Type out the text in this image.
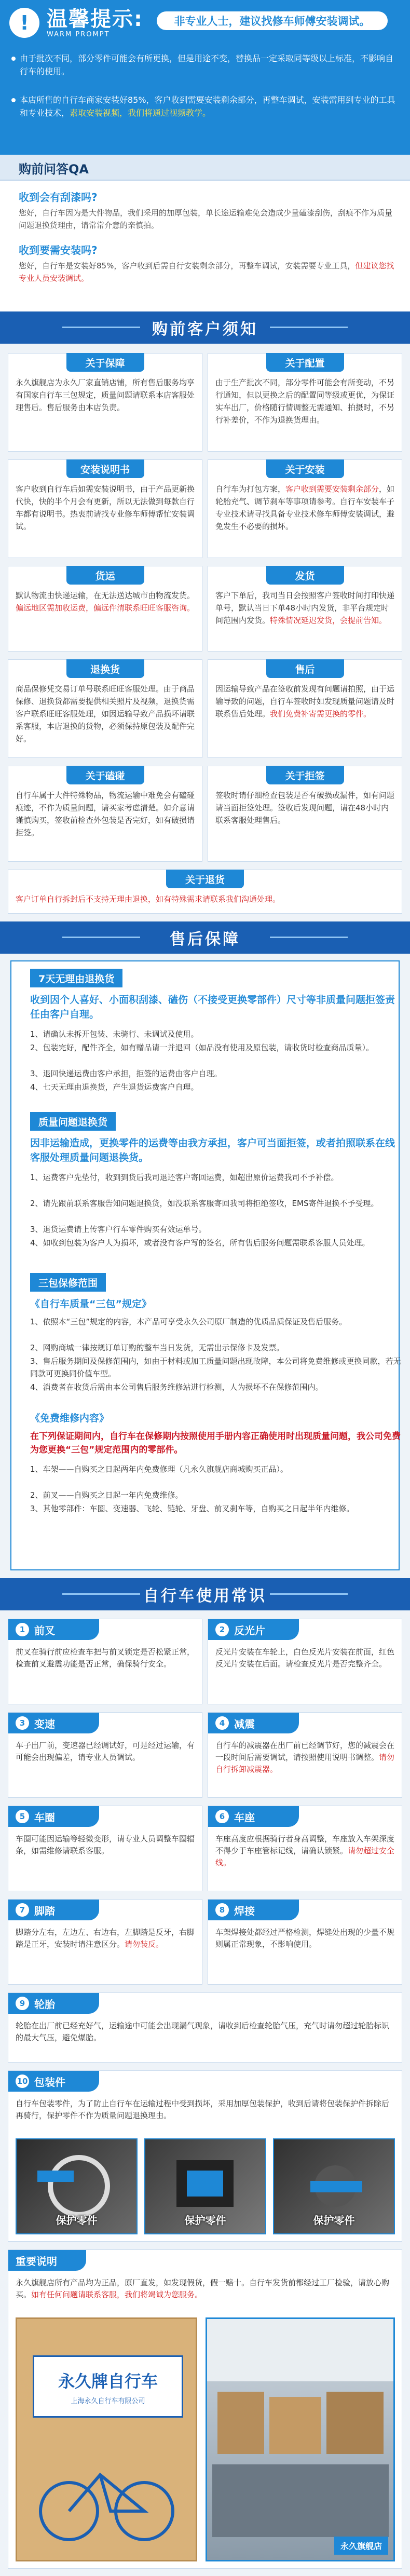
! 温馨提示:
WARM PROMPT
非专业人士，建议找修车师傅安装调试。
由于批次不同，部分零件可能会有所更换，但是用途不变，替换品一定采取同等级以上标准，不影响自行车的使用。
本店所售的自行车商家安装好85%，客户收到需要安装剩余部分，再整车调试，安装需用到专业的工具和专业技术，素取安装视频，我们将通过视频教学。
购前问答QA
收到会有刮漆吗?
您好，自行车因为是大件物品，我们采用的加厚包装，单长途运输难免会造成少量磕漆刮伤，刮痕不作为质量问题退换货理由，请常常介意的亲慎拍。
收到要需安装吗?
您好，自行车是安装好85%，客户收到后需自行安装剩余部分，再整车调试，安装需要专业工具，但建议您找专业人员安装调试。
购前客户须知
关于保障
永久旗舰店为永久厂家直销店铺，所有售后服务均享有国家自行车三包规定，质量问题请联系本店客服处理售后。售后服务由本店负责。
关于配置
由于生产批次不同，部分零件可能会有所变动，不另行通知，但以更换之后的配置同等级或更优，为保证实车出厂，价格随行情调整无需通知、拍摄时，不另行补差价，不作为退换货理由。
安装说明书
客户收到自行车后如需安装说明书，由于产品更新换代快，快的半个月会有更新，所以无法做到每款自行车都有说明书。热衷前请找专业修车师傅帮忙安装调试。
关于安装
自行车为打包方案，客户收到需要安装剩余部分，如轮胎充气、调节刹车等事项请参考。自行车安装车子专业技术请寻找具备专业技术修车师傅安装调试，避免发生不必要的损坏。
货运
默认物流由快递运输，在无法送达城市由物流发货。偏远地区需加收运费，偏远件清联系旺旺客服咨询。
发货
客户下单后，我司当日会按照客户签收时间打印快递单号，默认当日下单48小时内发货，非平台规定时间范围内发货。特殊情况延迟发货，会提前告知。
退换货
商品保修凭交易订单号联系旺旺客服处理。由于商品保修、退换货都需要提供相关照片及视频，退换货需客户联系旺旺客服处理，如因运输导致产品损坏请联系客服，本店退换的货物，必须保持原包装及配件完好。
售后
因运输导致产品在签收前发现有问题请拍照，由于运输导致的问题，自行车签收时如发现质量问题请及时联系售后处理。我们免费补寄需更换的零件。
关于磕碰
自行车属于大件特殊物品，物流运输中难免会有磕碰痕迹，不作为质量问题，请买家考虑清楚。如介意请谨慎购买，签收前检查外包装是否完好，如有破损请拒签。
关于拒签
签收时请仔细检查包装是否有破损或漏件，如有问题请当面拒签处理。签收后发现问题，请在48小时内联系客服处理售后。
关于退货
客户订单自行拆封后不支持无理由退换，如有特殊需求请联系我们沟通处理。
售后保障
7天无理由退换货
收到因个人喜好、小面积刮漆、磕伤（不接受更换零部件）尺寸等非质量问题拒签责任由客户自理。
1、请确认未拆开包装、未骑行、未调试及使用。
2、包装完好，配件齐全，如有赠品请一并退回（如品没有使用及原包装，请收货时检查商品质量）。
3、退回快递运费由客户承担，拒签的运费由客户自理。
4、七天无理由退换货，产生退货运费客户自理。
质量问题退换货
因非运输造成，更换零件的运费等由我方承担，客户可当面拒签，或者拍照联系在线客服处理质量问题退换货。
1、运费客户先垫付，收到到货后我司退还客户寄回运费，如超出原价运费我司不予补偿。
2、请先跟前联系客服告知问题退换货，如没联系客服寄回我司将拒绝签收，EMS寄件退换不予受理。
3、退货运费请上传客户行车零件购买有效运单号。
4、如收到包装为客户人为损坏，或者没有客户写的签名，所有售后服务问题需联系客服人员处理。
三包保修范围
《自行车质量“三包”规定》
1、依照本“三包”规定的内容，本产品可享受永久公司原厂制造的优质品质保证及售后服务。
2、网购商城一律按规订单订购的整车当日发货，无需出示保修卡及发票。
3、售后服务期间及保修范围内，如由于材料或加工质量问题出现故障，本公司将免费维修或更换同款，若无同款可更换同价值车型。
4、消费者在收货后需由本公司售后服务维修站进行检测，人为损坏不在保修范围内。
《免费维修内容》
在下列保证期间内，自行车在保修期内按照使用手册内容正确使用时出现质量问题，我公司免费为您更换“三包”规定范围内的零部件。
1、车架——自购买之日起两年内免费修理（凡永久旗舰店商城购买正品）。
2、前叉——自购买之日起一年内免费维修。
3、其他零部件：车圈、变速器、飞轮、链轮、牙盘、前叉刹车等，自购买之日起半年内维修。
自行车使用常识
1 前叉
前叉在骑行前应检查车把与前叉锁定是否松紧正常，检查前叉避震功能是否正常，确保骑行安全。
2 反光片
反光片安装在车轮上，白色反光片安装在前面，红色反光片安装在后面。请检查反光片是否完整齐全。
3 变速
车子出厂前，变速器已经调试好，可是经过运输，有可能会出现偏差，请专业人员调试。
4 减震
自行车的减震器在出厂前已经调节好，您的减震会在一段时间后需要调试，请按照使用说明书调整。请勿自行拆卸减震器。
5 车圈
车圈可能因运输等轻微变形，请专业人员调整车圈辐条，如需维修请联系客服。
6 车座
车座高度应根据骑行者身高调整，车座放入车架深度不得少于车座管标记线，请确认锁紧。请勿超过安全线。
7 脚踏
脚踏分左右，左边左、右边右，左脚踏是反牙，右脚踏是正牙，安装时请注意区分。请勿装反。
8 焊接
车架焊接处都经过严格检测，焊缝处出现的少量不规则属正常现象，不影响使用。
9 轮胎
轮胎在出厂前已经充好气，运输途中可能会出现漏气现象，请收到后检查轮胎气压，充气时请勿超过轮胎标识的最大气压，避免爆胎。
10 包装件
自行车包装零件，为了防止自行车在运输过程中受到损坏，采用加厚包装保护，收到后请将包装保护件拆除后再骑行，保护零件不作为质量问题退换理由。
保护零件	保护零件	保护零件
重要说明
永久旗舰店所有产品均为正品，原厂直发，如发现假货，假一赔十。自行车发货前都经过工厂检验，请放心购买。如有任何问题请联系客服，我们将竭诚为您服务。
永久牌自行车
上海永久自行车有限公司
永久旗舰店
